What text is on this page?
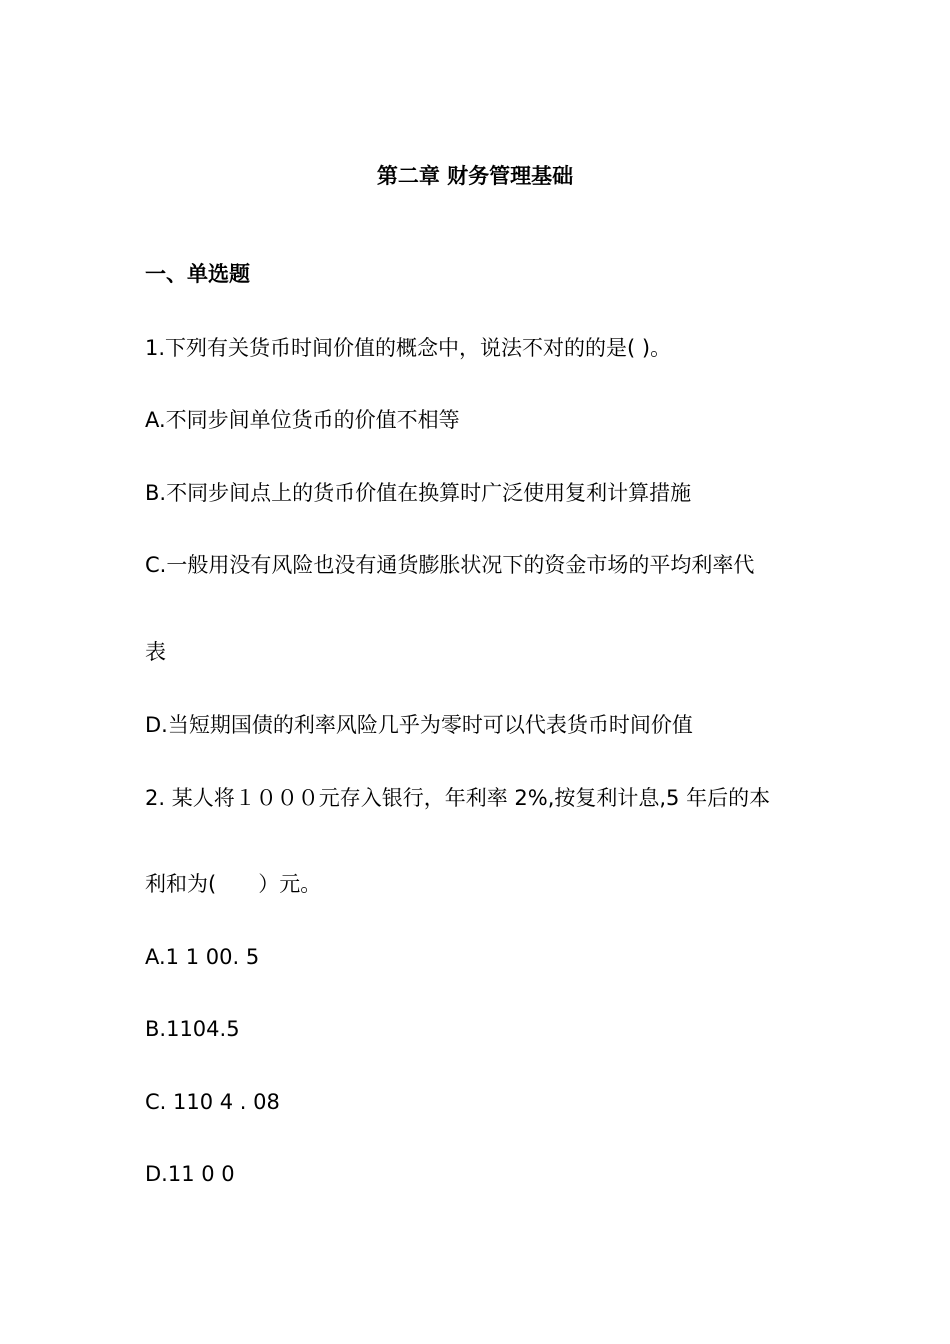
第二章 财务管理基础
一、单选题
1.下列有关货币时间价值的概念中，说法不对的的是( )。
A.不同步间单位货币的价值不相等
B.不同步间点上的货币价值在换算时广泛使用复利计算措施
C.一般用没有风险也没有通货膨胀状况下的资金市场的平均利率代
表
D.当短期国债的利率风险几乎为零时可以代表货币时间价值
2. 某人将１０００元存入银行，年利率 2%,按复利计息,5 年后的本
利和为(　　）元。
A.1 1 00. 5
B.1104.5
C. 110 4 . 08
D.11 0 0
